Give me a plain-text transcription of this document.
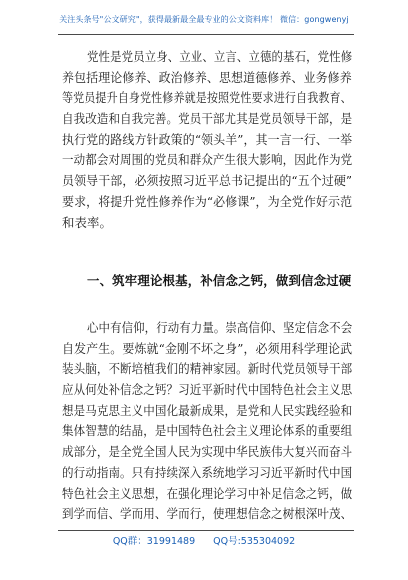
关注头条号"公文研究"，获得最新最全最专业的公文资料库！ 微信：gongwenyj
党性是党员立身、立业、立言、立德的基石，党性修
养包括理论修养、政治修养、思想道德修养、业务修养
等党员提升自身党性修养就是按照党性要求进行自我教育、
自我改造和自我完善。党员干部尤其是党员领导干部，是
执行党的路线方针政策的“领头羊”，其一言一行、一举
一动都会对周围的党员和群众产生很大影响，因此作为党
员领导干部，必须按照习近平总书记提出的“五个过硬”
要求，将提升党性修养作为“必修课”，为全党作好示范
和表率。
一、筑牢理论根基，补信念之钙，做到信念过硬
心中有信仰，行动有力量。崇高信仰、坚定信念不会
自发产生。要炼就“金刚不坏之身”，必须用科学理论武
装头脑，不断培植我们的精神家园。新时代党员领导干部
应从何处补信念之钙？习近平新时代中国特色社会主义思
想是马克思主义中国化最新成果，是党和人民实践经验和
集体智慧的结晶，是中国特色社会主义理论体系的重要组
成部分，是全党全国人民为实现中华民族伟大复兴而奋斗
的行动指南。只有持续深入系统地学习习近平新时代中国
特色社会主义思想，在强化理论学习中补足信念之钙，做
到学而信、学而用、学而行，使理想信念之树根深叶茂、
QQ群：31991489 QQ号:535304092
